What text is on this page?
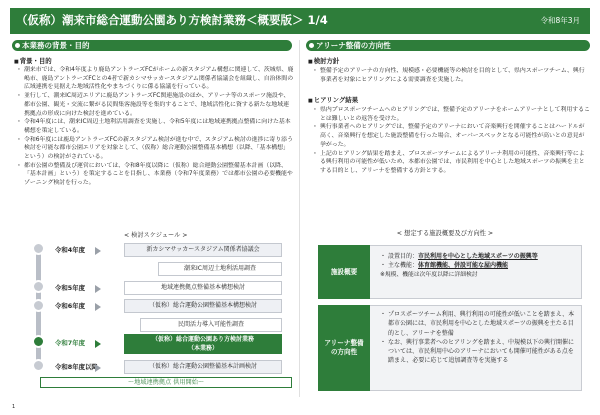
（仮称）潮来市総合運動公園あり方検討業務＜概要版＞ 1/4	令和8年3月
本業務の背景・目的
■ 背景・目的
・ 潮来市では、令和4年度より鹿島アントラーズFCがホームの新スタジアム構想に関連して、茨城県、鹿嶋市、鹿島アントラーズFCとの4者で新カシマサッカースタジアム関係者協議会を組織し、自治体間の広域連携を見据えた地域活性化やまちづくりに係る協議を行っている。
・ 並行して、潮来IC周辺エリアに鹿島アントラーズFC関連施設のほか、アリーナ等のスポーツ施設や、都市公園、観光・交流に繋がる民間集客施設等を集約することで、地域活性化に資する新たな地域連携拠点の形成に向けた検討を進めている。
・ 令和4年度には、潮来IC周辺土地利活用調査を実施し、令和5年度には地域連携拠点整備に向けた基本構想を策定している。
・ 令和6年度には鹿島アントラーズFCの新スタジアム検討が進む中で、スタジアム検討の進捗に寄り添う検討を可能な都市公園エリアを対象として、（仮称）総合運動公園整備基本構想（以降、「基本構想」という）の検討がされている。
・ 都市公園の整備及び運営においては、令和8年度以降に（仮称）総合運動公園整備基本計画（以降、「基本計画」という）を策定することを目指し、本業務（令和7年度業務）では都市公園の必要機能やゾーニング検討を行った。
< 検討スケジュール >
令和4年度
令和5年度
令和6年度
令和7年度
令和8年度以降
新カシマサッカースタジアム関係者協議会
潮来IC周辺土地利活用調査
地域連携拠点整備基本構想検討
（仮称）総合運動公園整備基本構想検討
民間活力導入可能性調査
（仮称）総合運動公園あり方検討業務
（本業務）
（仮称）総合運動公園整備基本計画検討
～地域連携拠点 供用開始～
アリーナ整備の方向性
■ 検討方針
・ 整備予定のアリーナの方向性、規模感・必要機能等の検討を目的として、県内スポーツチーム、興行事業者を対象にヒアリングによる需要調査を実施した。
■ ヒアリング結果
・ 県内プロスポーツチームへのヒアリングでは、整備予定のアリーナをホームアリーナとして利用することは難しいとの返答を受けた。
・ 興行事業者へのヒアリングでは、整備予定のアリーナにおいて音楽興行を開催することはハードルが高く、音楽興行を想定した施設整備を行った場合、オーバースペックとなる可能性が高いとの意見が挙がった。
・ 上記のヒアリング結果を踏まえ、プロスポーツチームによるアリーナ利用の可能性、音楽興行等による興行利用の可能性が低いため、本都市公園では、市民利用を中心とした地域スポーツの振興を主とする目的とし、アリーナを整備する方針とする。
< 想定する施設概要及び方向性 >
施設概要
・ 設置目的：市民利用を中心とした地域スポーツの振興等
・ 主な機能：体育館機能、併設可能な屋内機能
※規模、機能は次年度以降に詳細検討
アリーナ整備
の方向性
・ プロスポーツチーム利用、興行利用の可能性が低いことを踏まえ、本都市公園には、市民利用を中心とした地域スポーツの振興を主たる目的とし、アリーナを整備
・ なお、興行事業者へのヒアリングを踏まえ、中規模以下の興行開催については、市民利用中心のアリーナにおいても開催可能性がある点を踏まえ、必要に応じて追加調査等を実施する
1
